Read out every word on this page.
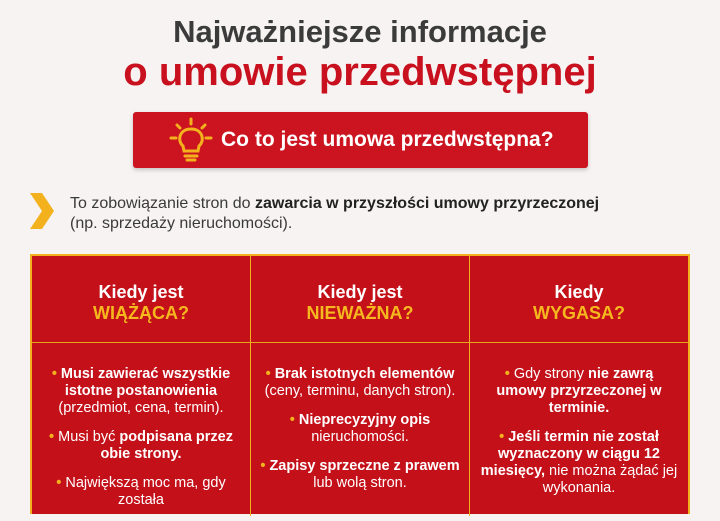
Najważniejsze informacje
o umowie przedwstępnej
Co to jest umowa przedwstępna?
To zobowiązanie stron do zawarcia w przyszłości umowy przyrzeczonej
(np. sprzedaży nieruchomości).
Kiedy jest
WIĄŻĄCA?
• Musi zawierać wszystkie istotne postanowienia (przedmiot, cena, termin).
• Musi być podpisana przez obie strony.
• Największą moc ma, gdy została
Kiedy jest
NIEWAŻNA?
• Brak istotnych elementów (ceny, terminu, danych stron).
• Nieprecyzyjny opis nieruchomości.
• Zapisy sprzeczne z prawem lub wolą stron.
Kiedy
WYGASA?
• Gdy strony nie zawrą umowy przyrzeczonej w terminie.
• Jeśli termin nie został wyznaczony w ciągu 12 miesięcy, nie można żądać jej wykonania.
